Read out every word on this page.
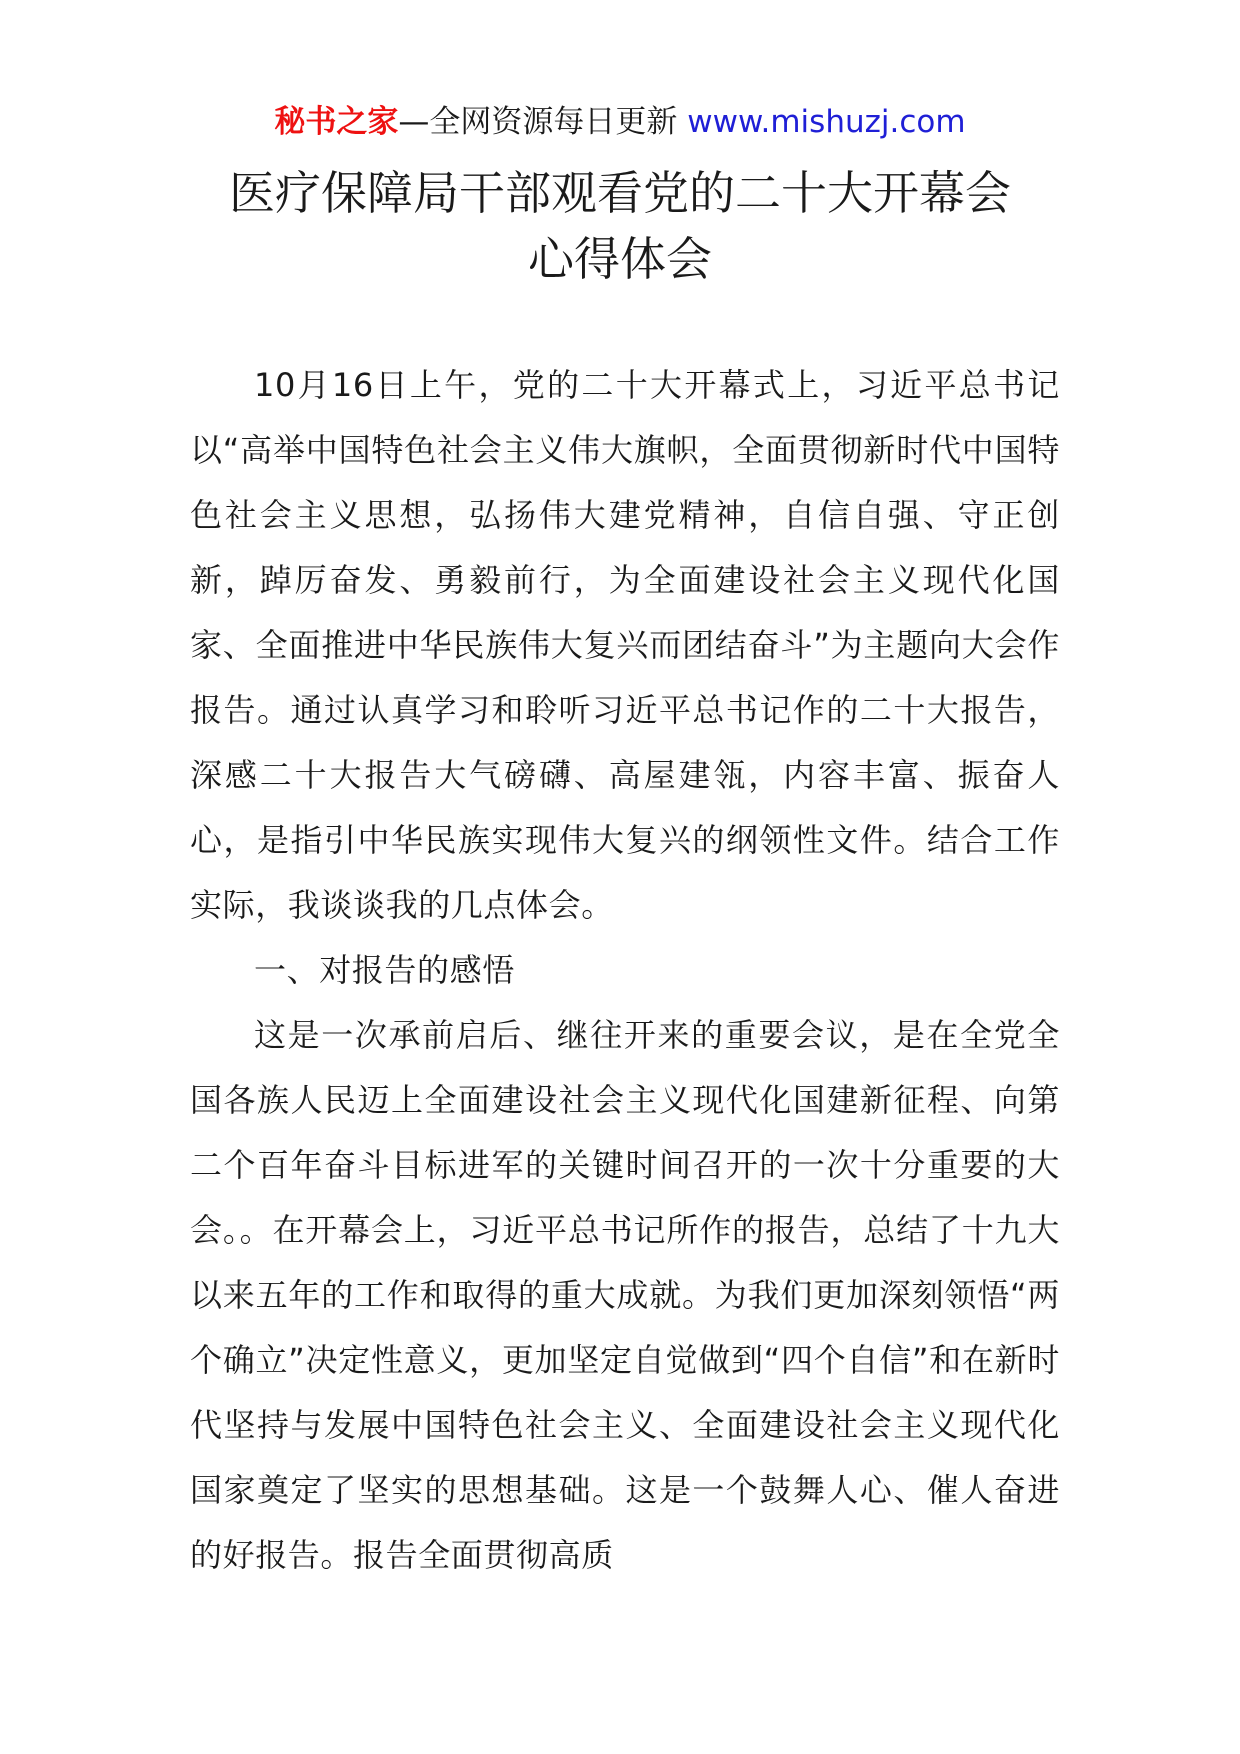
秘书之家—全网资源每日更新 www.mishuzj.com
医疗保障局干部观看党的二十大开幕会
心得体会

10月16日上午，党的二十大开幕式上，习近平总书记以“高举中国特色社会主义伟大旗帜，全面贯彻新时代中国特色社会主义思想，弘扬伟大建党精神，自信自强、守正创新，踔厉奋发、勇毅前行，为全面建设社会主义现代化国家、全面推进中华民族伟大复兴而团结奋斗”为主题向大会作报告。通过认真学习和聆听习近平总书记作的二十大报告，深感二十大报告大气磅礴、高屋建瓴，内容丰富、振奋人心，是指引中华民族实现伟大复兴的纲领性文件。结合工作实际，我谈谈我的几点体会。

一、对报告的感悟

这是一次承前启后、继往开来的重要会议，是在全党全国各族人民迈上全面建设社会主义现代化国建新征程、向第二个百年奋斗目标进军的关键时间召开的一次十分重要的大会。。在开幕会上，习近平总书记所作的报告，总结了十九大以来五年的工作和取得的重大成就。为我们更加深刻领悟“两个确立”决定性意义，更加坚定自觉做到“四个自信”和在新时代坚持与发展中国特色社会主义、全面建设社会主义现代化国家奠定了坚实的思想基础。这是一个鼓舞人心、催人奋进的好报告。报告全面贯彻高质
